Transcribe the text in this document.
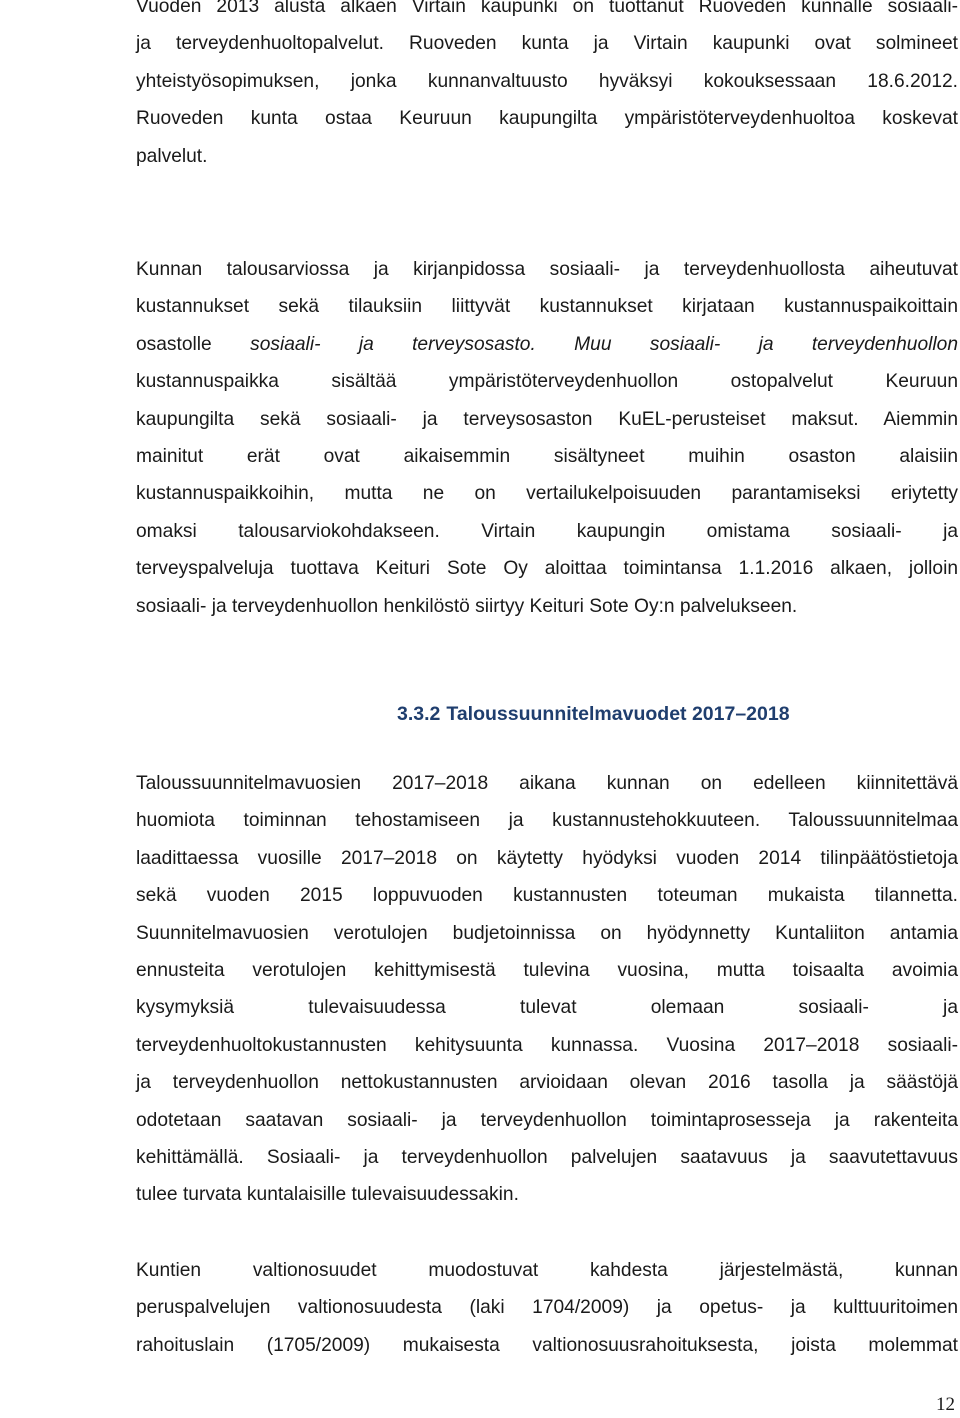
Vuoden 2013 alusta alkaen Virtain kaupunki on tuottanut Ruoveden kunnalle sosiaali-
ja terveydenhuoltopalvelut. Ruoveden kunta ja Virtain kaupunki ovat solmineet
yhteistyösopimuksen, jonka kunnanvaltuusto hyväksyi kokouksessaan 18.6.2012.
Ruoveden kunta ostaa Keuruun kaupungilta ympäristöterveydenhuoltoa koskevat
palvelut.
Kunnan talousarviossa ja kirjanpidossa sosiaali- ja terveydenhuollosta aiheutuvat
kustannukset sekä tilauksiin liittyvät kustannukset kirjataan kustannuspaikoittain
osastolle sosiaali- ja terveysosasto. Muu sosiaali- ja terveydenhuollon
kustannuspaikka sisältää ympäristöterveydenhuollon ostopalvelut Keuruun
kaupungilta sekä sosiaali- ja terveysosaston KuEL-perusteiset maksut. Aiemmin
mainitut erät ovat aikaisemmin sisältyneet muihin osaston alaisiin
kustannuspaikkoihin, mutta ne on vertailukelpoisuuden parantamiseksi eriytetty
omaksi talousarviokohdakseen. Virtain kaupungin omistama sosiaali- ja
terveyspalveluja tuottava Keituri Sote Oy aloittaa toimintansa 1.1.2016 alkaen, jolloin
sosiaali- ja terveydenhuollon henkilöstö siirtyy Keituri Sote Oy:n palvelukseen.
3.3.2 Taloussuunnitelmavuodet 2017–2018
Taloussuunnitelmavuosien 2017–2018 aikana kunnan on edelleen kiinnitettävä
huomiota toiminnan tehostamiseen ja kustannustehokkuuteen. Taloussuunnitelmaa
laadittaessa vuosille 2017–2018 on käytetty hyödyksi vuoden 2014 tilinpäätöstietoja
sekä vuoden 2015 loppuvuoden kustannusten toteuman mukaista tilannetta.
Suunnitelmavuosien verotulojen budjetoinnissa on hyödynnetty Kuntaliiton antamia
ennusteita verotulojen kehittymisestä tulevina vuosina, mutta toisaalta avoimia
kysymyksiä tulevaisuudessa tulevat olemaan sosiaali- ja
terveydenhuoltokustannusten kehitysuunta kunnassa. Vuosina 2017–2018 sosiaali-
ja terveydenhuollon nettokustannusten arvioidaan olevan 2016 tasolla ja säästöjä
odotetaan saatavan sosiaali- ja terveydenhuollon toimintaprosesseja ja rakenteita
kehittämällä. Sosiaali- ja terveydenhuollon palvelujen saatavuus ja saavutettavuus
tulee turvata kuntalaisille tulevaisuudessakin.
Kuntien valtionosuudet muodostuvat kahdesta järjestelmästä, kunnan
peruspalvelujen valtionosuudesta (laki 1704/2009) ja opetus- ja kulttuuritoimen
rahoituslain (1705/2009) mukaisesta valtionosuusrahoituksesta, joista molemmat
12
